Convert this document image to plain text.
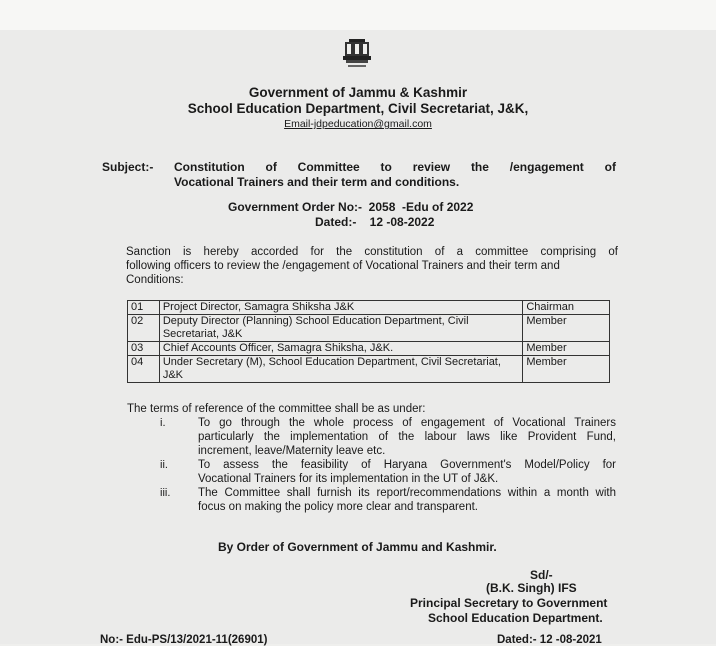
Government of Jammu & Kashmir
School Education Department, Civil Secretariat, J&K,
Email-jdpeducation@gmail.com
Subject:- Constitution of Committee to review the /engagement of
Vocational Trainers and their term and conditions.
Government Order No:-  2058  -Edu of 2022
Dated:-    12 -08-2022
Sanction is hereby accorded for the constitution of a committee comprising of
following officers to review the /engagement of Vocational Trainers and their term and
Conditions:
01	Project Director, Samagra Shiksha J&K	Chairman
02	Deputy Director (Planning) School Education Department, Civil Secretariat, J&K	Member
03	Chief Accounts Officer, Samagra Shiksha, J&K.	Member
04	Under Secretary (M), School Education Department, Civil Secretariat, J&K	Member
The terms of reference of the committee shall be as under:
i.	To go through the whole process of engagement of Vocational Trainers
particularly the implementation of the labour laws like Provident Fund,
increment, leave/Maternity leave etc.
ii.	To assess the feasibility of Haryana Government's Model/Policy for
Vocational Trainers for its implementation in the UT of J&K.
iii. The Committee shall furnish its report/recommendations within a month with
focus on making the policy more clear and transparent.
By Order of Government of Jammu and Kashmir.
Sd/-
(B.K. Singh) IFS
Principal Secretary to Government
School Education Department.
No:- Edu-PS/13/2021-11(26901)	Dated:- 12 -08-2021
